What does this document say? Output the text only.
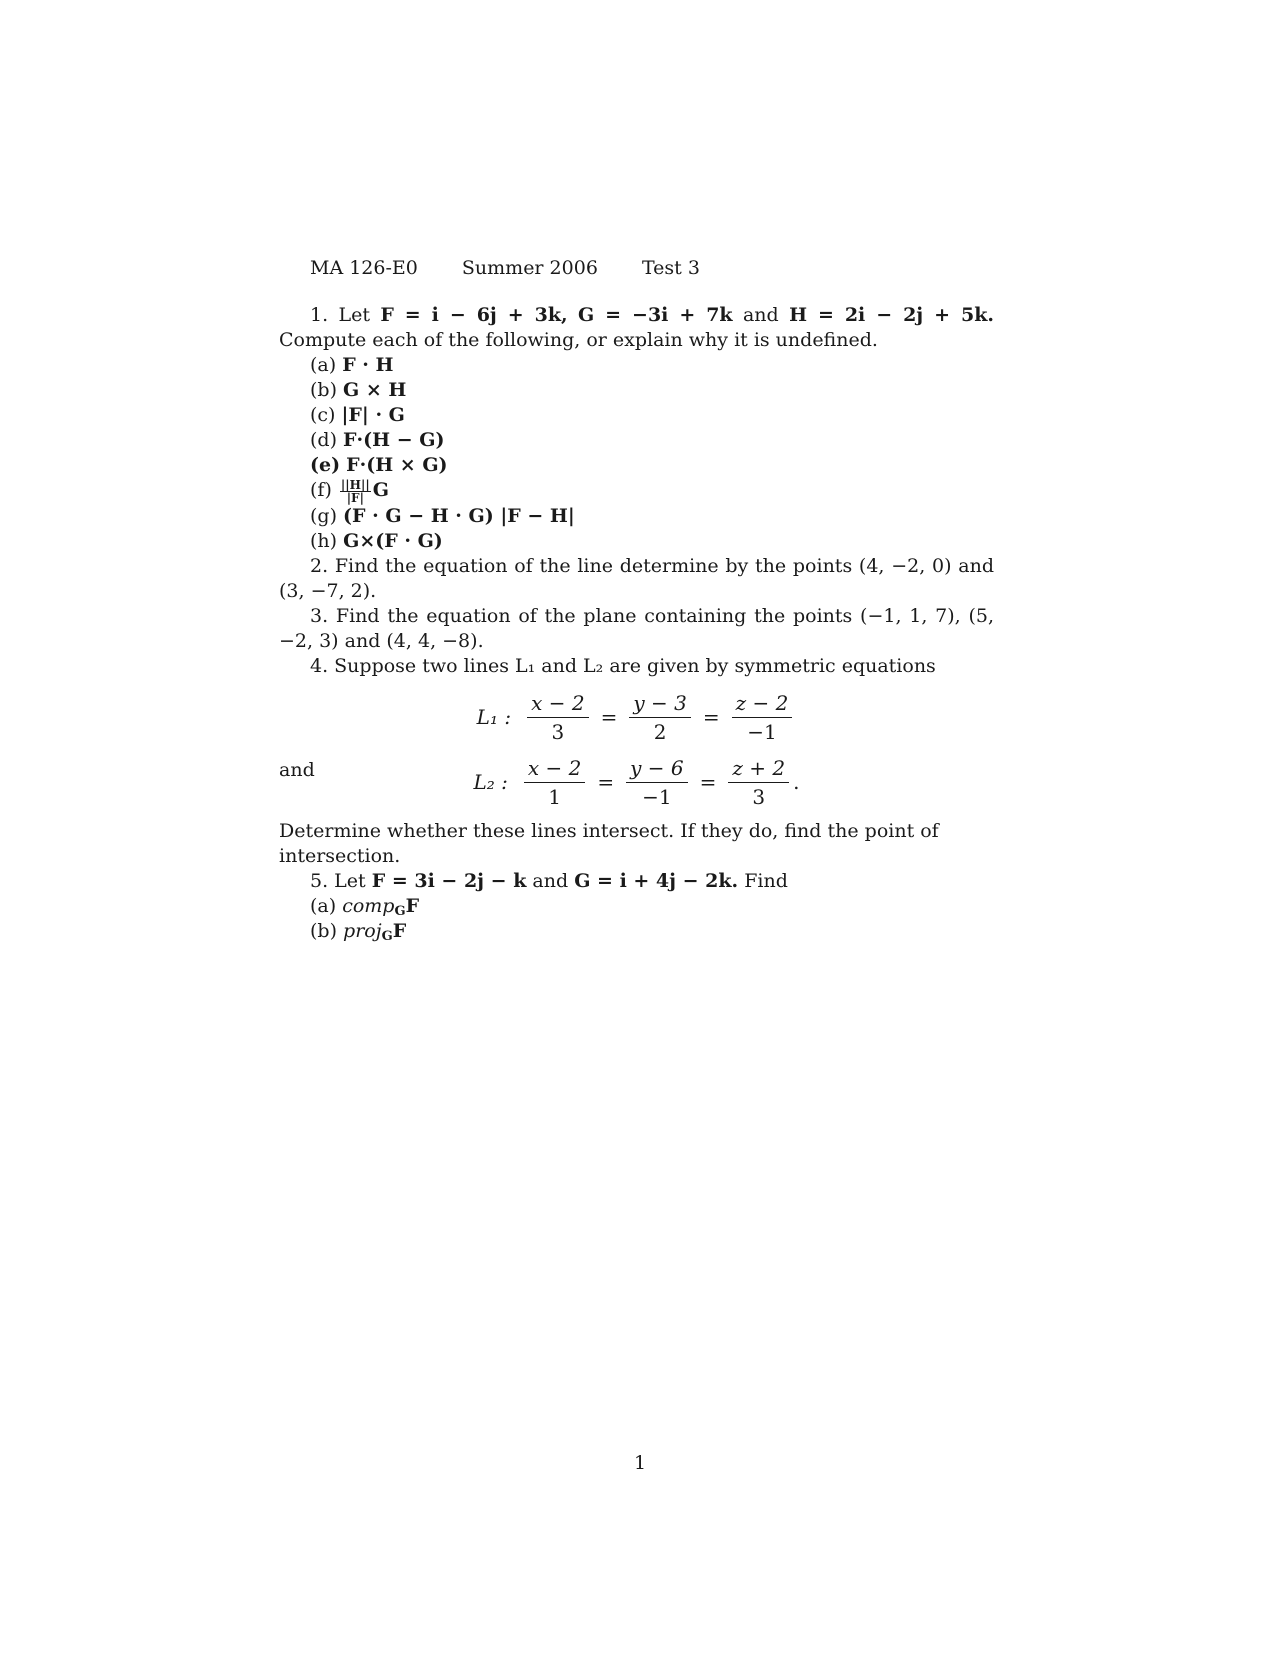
MA 126-E0 Summer 2006 Test 3
1. Let F = i − 6j + 3k, G = −3i + 7k and H = 2i − 2j + 5k. Compute each of the following, or explain why it is undefined.
(a) F · H
(b) G × H
(c) |F| · G
(d) F·(H − G)
(e) F·(H × G)
$(f) \frac{||H||}{|F|}$ G
(g) (F · G − H · G) |F − H|
(h) G×(F · G)
2. Find the equation of the line determine by the points (4, −2, 0) and (3, −7, 2).
3. Find the equation of the plane containing the points (−1, 1, 7), (5, −2, 3) and (4, 4, −8).
4. Suppose two lines L₁ and L₂ are given by symmetric equations
L₁ : $\frac{x - 2}{3} = \frac{y - 3}{2} = \frac{z - 2}{-1}$
and	L₂ : $\frac{x - 2}{1} = \frac{y - 6}{-1} = \frac{z + 2}{3}$ .
Determine whether these lines intersect. If they do, find the point of intersection.
5. Let F = 3i − 2j − k and G = i + 4j − 2k. Find
(a) comp$_G$F
(b) proj$_G$F
1
